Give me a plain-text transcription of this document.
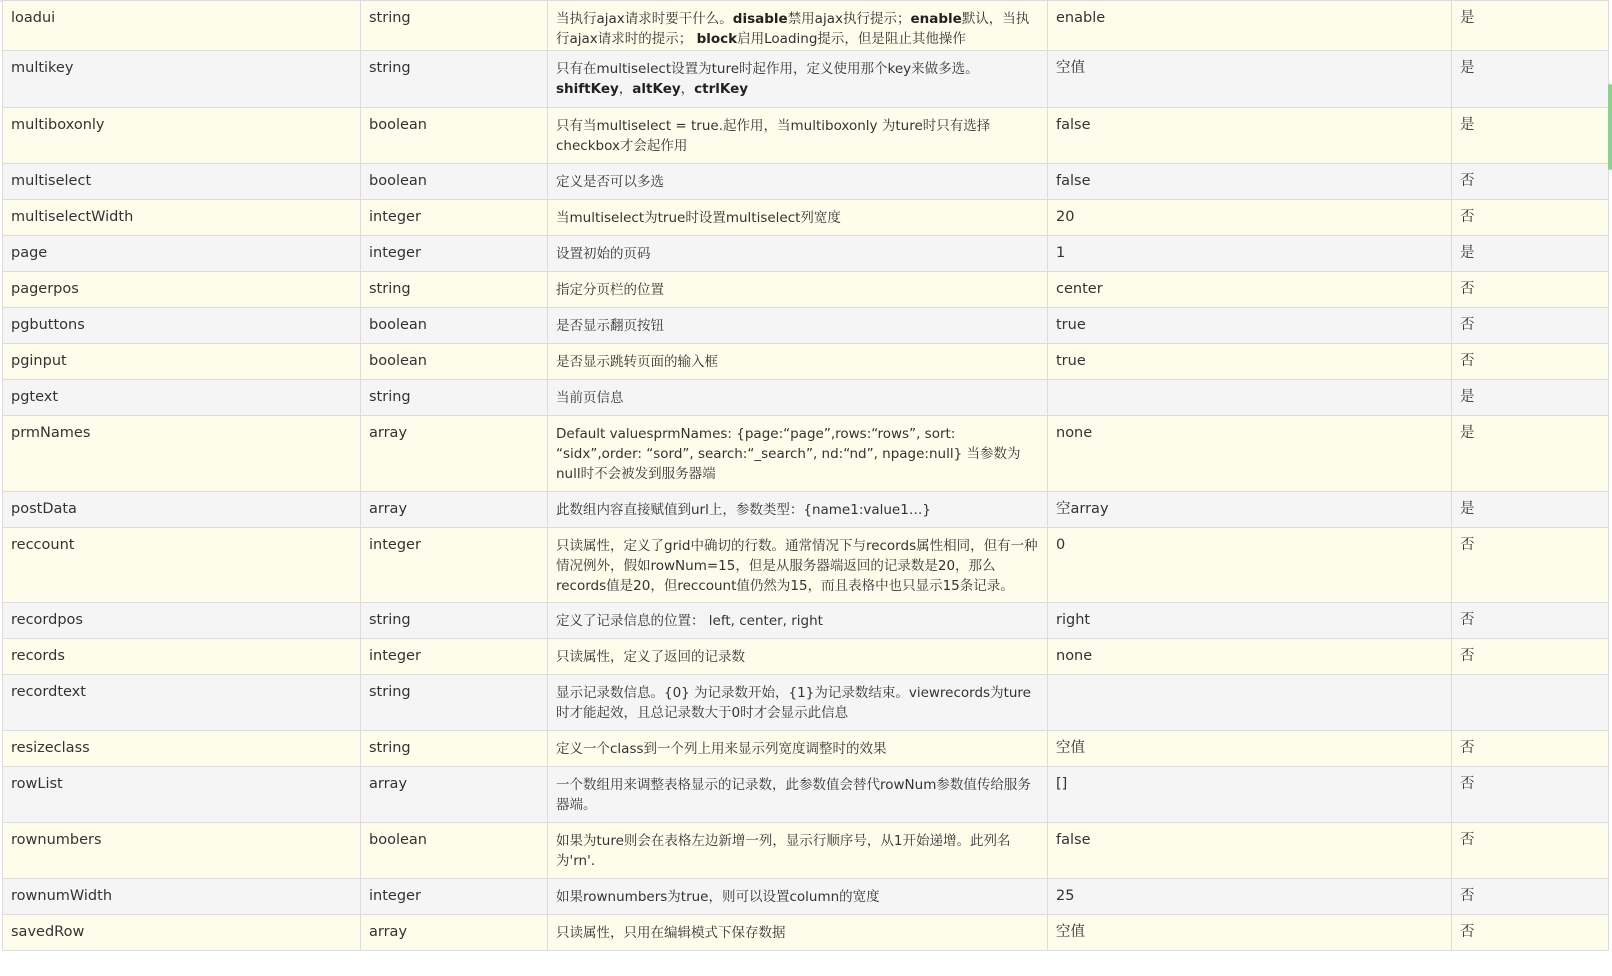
loadui	string	当执行ajax请求时要干什么。disable禁用ajax执行提示；enable默认，当执行ajax请求时的提示； block启用Loading提示，但是阻止其他操作	enable	是
multikey	string	只有在multiselect设置为ture时起作用，定义使用那个key来做多选。shiftKey，altKey，ctrlKey	空值	是
multiboxonly	boolean	只有当multiselect = true.起作用，当multiboxonly 为ture时只有选择checkbox才会起作用	false	是
multiselect	boolean	定义是否可以多选	false	否
multiselectWidth	integer	当multiselect为true时设置multiselect列宽度	20	否
page	integer	设置初始的页码	1	是
pagerpos	string	指定分页栏的位置	center	否
pgbuttons	boolean	是否显示翻页按钮	true	否
pginput	boolean	是否显示跳转页面的输入框	true	否
pgtext	string	当前页信息		是
prmNames	array	Default valuesprmNames: {page:“page”,rows:“rows”, sort: “sidx”,order: “sord”, search:“_search”, nd:“nd”, npage:null} 当参数为null时不会被发到服务器端	none	是
postData	array	此数组内容直接赋值到url上，参数类型：{name1:value1…}	空array	是
reccount	integer	只读属性，定义了grid中确切的行数。通常情况下与records属性相同，但有一种情况例外，假如rowNum=15，但是从服务器端返回的记录数是20，那么records值是20，但reccount值仍然为15，而且表格中也只显示15条记录。	0	否
recordpos	string	定义了记录信息的位置： left, center, right	right	否
records	integer	只读属性，定义了返回的记录数	none	否
recordtext	string	显示记录数信息。{0} 为记录数开始，{1}为记录数结束。viewrecords为ture时才能起效，且总记录数大于0时才会显示此信息		
resizeclass	string	定义一个class到一个列上用来显示列宽度调整时的效果	空值	否
rowList	array	一个数组用来调整表格显示的记录数，此参数值会替代rowNum参数值传给服务器端。	[]	否
rownumbers	boolean	如果为ture则会在表格左边新增一列，显示行顺序号，从1开始递增。此列名为'rn'.	false	否
rownumWidth	integer	如果rownumbers为true，则可以设置column的宽度	25	否
savedRow	array	只读属性，只用在编辑模式下保存数据	空值	否
